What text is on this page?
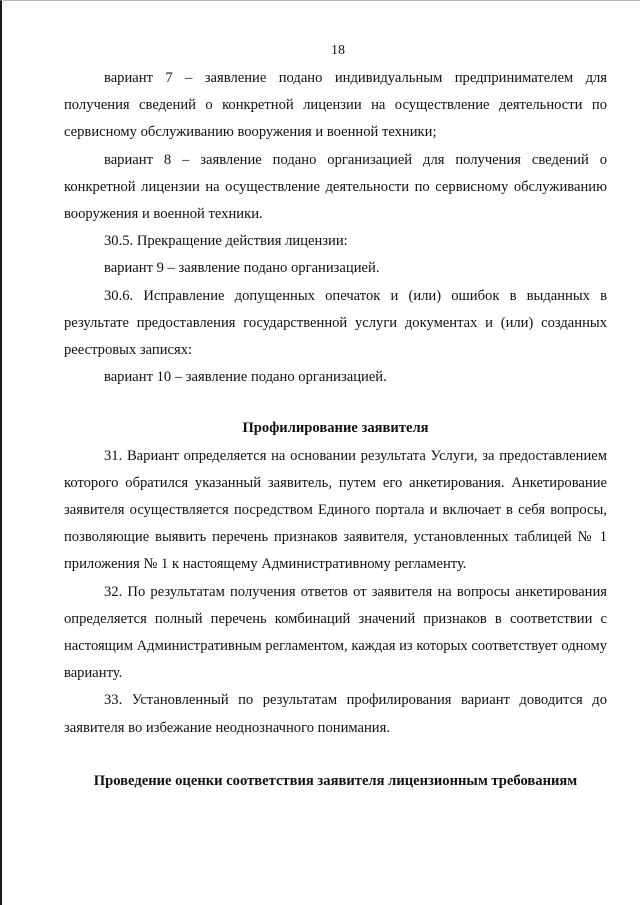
18

вариант 7 – заявление подано индивидуальным предпринимателем для получения сведений о конкретной лицензии на осуществление деятельности по сервисному обслуживанию вооружения и военной техники;

вариант 8 – заявление подано организацией для получения сведений о конкретной лицензии на осуществление деятельности по сервисному обслуживанию вооружения и военной техники.

30.5. Прекращение действия лицензии:

вариант 9 – заявление подано организацией.

30.6. Исправление допущенных опечаток и (или) ошибок в выданных в результате предоставления государственной услуги документах и (или) созданных реестровых записях:

вариант 10 – заявление подано организацией.

Профилирование заявителя

31. Вариант определяется на основании результата Услуги, за предоставлением которого обратился указанный заявитель, путем его анкетирования. Анкетирование заявителя осуществляется посредством Единого портала и включает в себя вопросы, позволяющие выявить перечень признаков заявителя, установленных таблицей № 1 приложения № 1 к настоящему Административному регламенту.

32. По результатам получения ответов от заявителя на вопросы анкетирования определяется полный перечень комбинаций значений признаков в соответствии с настоящим Административным регламентом, каждая из которых соответствует одному варианту.

33. Установленный по результатам профилирования вариант доводится до заявителя во избежание неоднозначного понимания.

Проведение оценки соответствия заявителя лицензионным требованиям
